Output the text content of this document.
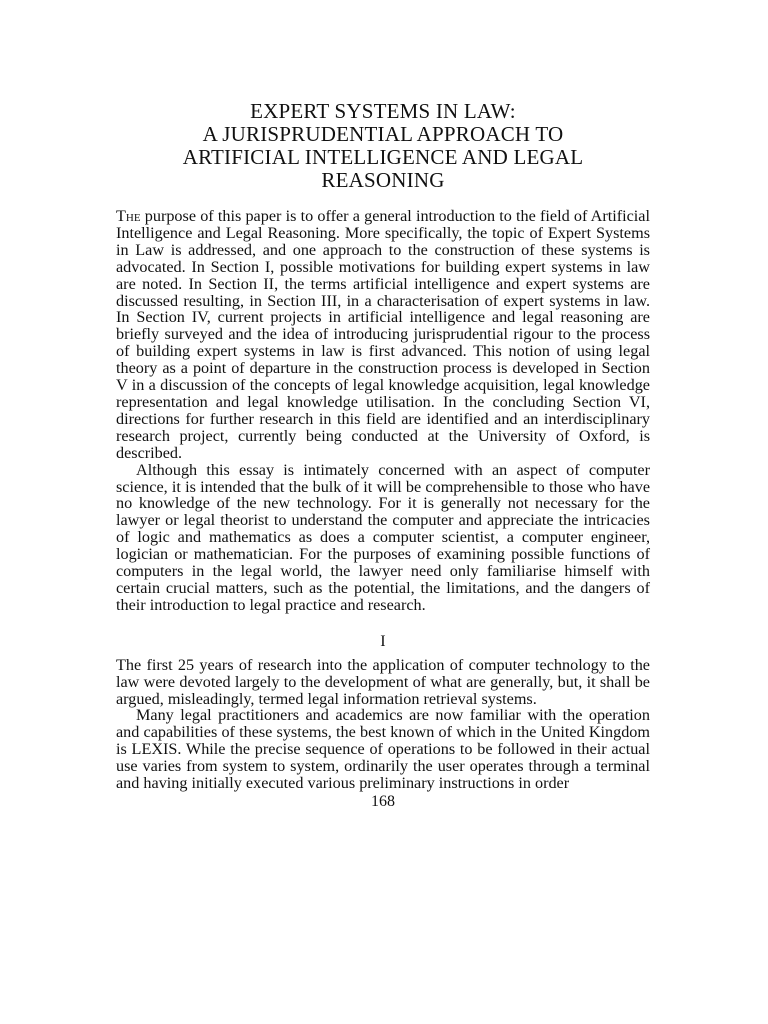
EXPERT SYSTEMS IN LAW:
A JURISPRUDENTIAL APPROACH TO
ARTIFICIAL INTELLIGENCE AND LEGAL
REASONING

The purpose of this paper is to offer a general introduction to the field of Artificial Intelligence and Legal Reasoning. More specifically, the topic of Expert Systems in Law is addressed, and one approach to the construction of these systems is advocated. In Section I, possible motivations for building expert systems in law are noted. In Section II, the terms artificial intelligence and expert systems are discussed resulting, in Section III, in a characterisation of expert systems in law. In Section IV, current projects in artificial intelligence and legal reasoning are briefly surveyed and the idea of introducing jurisprudential rigour to the process of building expert systems in law is first advanced. This notion of using legal theory as a point of departure in the construction process is developed in Section V in a discussion of the concepts of legal knowledge acquisition, legal knowledge representation and legal knowledge utilisation. In the concluding Section VI, directions for further research in this field are identified and an interdisciplinary research project, currently being conducted at the University of Oxford, is described.

Although this essay is intimately concerned with an aspect of computer science, it is intended that the bulk of it will be comprehensible to those who have no knowledge of the new technology. For it is generally not necessary for the lawyer or legal theorist to understand the computer and appreciate the intricacies of logic and mathematics as does a computer scientist, a computer engineer, logician or mathematician. For the purposes of examining possible functions of computers in the legal world, the lawyer need only familiarise himself with certain crucial matters, such as the potential, the limitations, and the dangers of their introduction to legal practice and research.

I

The first 25 years of research into the application of computer technology to the law were devoted largely to the development of what are generally, but, it shall be argued, misleadingly, termed legal information retrieval systems.

Many legal practitioners and academics are now familiar with the operation and capabilities of these systems, the best known of which in the United Kingdom is LEXIS. While the precise sequence of operations to be followed in their actual use varies from system to system, ordinarily the user operates through a terminal and having initially executed various preliminary instructions in order

168
